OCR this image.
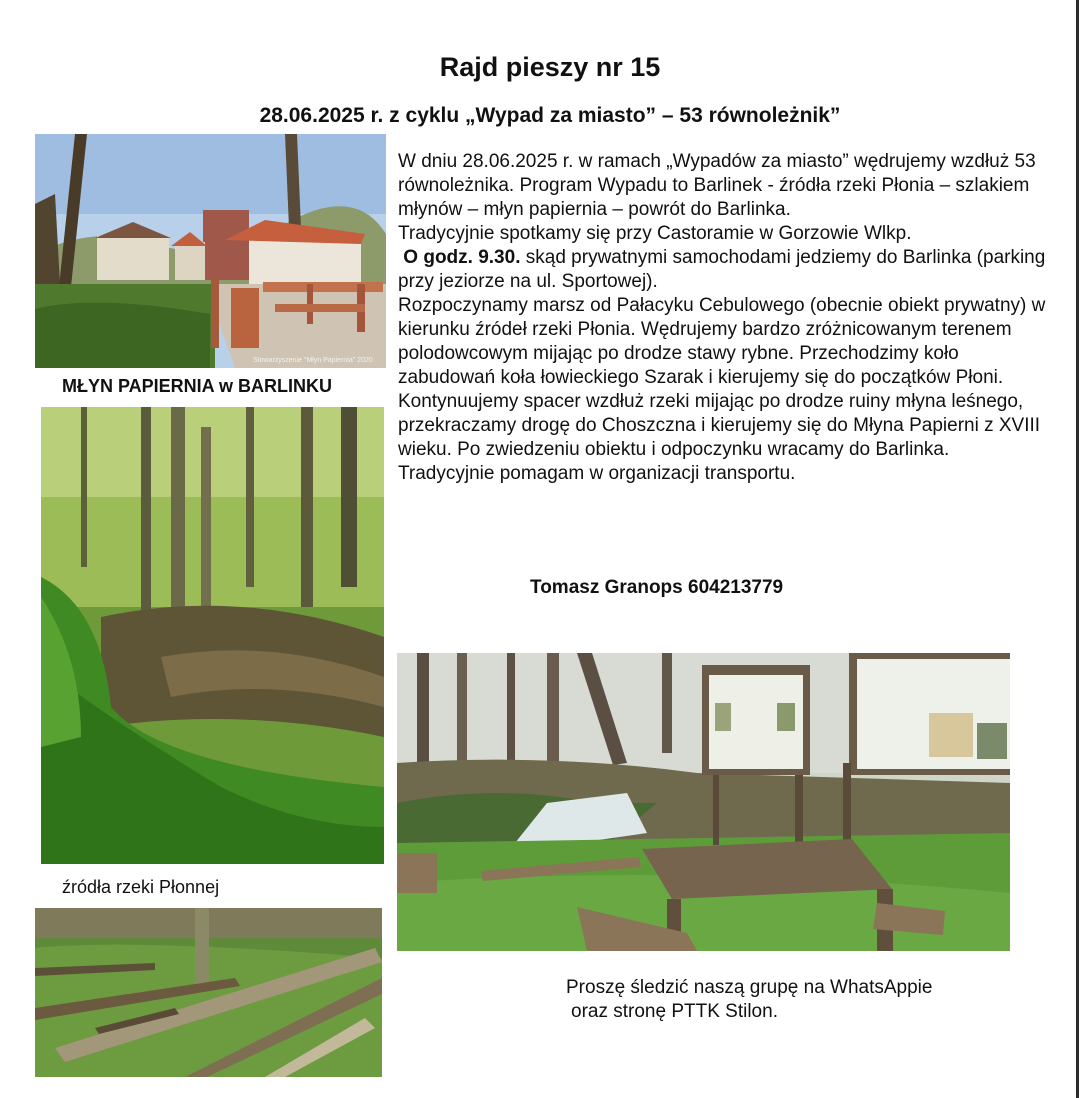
Rajd pieszy nr 15
28.06.2025 r. z cyklu „Wypad za miasto” – 53 równoleżnik”
Stowarzyszenie "Młyn Papiernia" 2020
MŁYN PAPIERNIA w BARLINKU
źródła rzeki Płonnej

W dniu 28.06.2025 r. w ramach „Wypadów za miasto” wędrujemy wzdłuż 53 równoleżnika. Program Wypadu to Barlinek - źródła rzeki Płonia – szlakiem młynów – młyn papiernia – powrót do Barlinka.

Tradycyjnie spotkamy się przy Castoramie w Gorzowie Wlkp.

O godz. 9.30. skąd prywatnymi samochodami jedziemy do Barlinka (parking przy jeziorze na ul. Sportowej).

Rozpoczynamy marsz od Pałacyku Cebulowego (obecnie obiekt prywatny) w kierunku źródeł rzeki Płonia. Wędrujemy bardzo zróżnicowanym terenem polodowcowym mijając po drodze stawy rybne. Przechodzimy koło zabudowań koła łowieckiego Szarak i kierujemy się do początków Płoni.

Kontynuujemy spacer wzdłuż rzeki mijając po drodze ruiny młyna leśnego, przekraczamy drogę do Choszczna i kierujemy się do Młyna Papierni z XVIII wieku. Po zwiedzeniu obiektu i odpoczynku wracamy do Barlinka.

Tradycyjnie pomagam w organizacji transportu.

Tomasz Granops 604213779

Proszę śledzić naszą grupę na WhatsAppie

oraz stronę PTTK Stilon.
